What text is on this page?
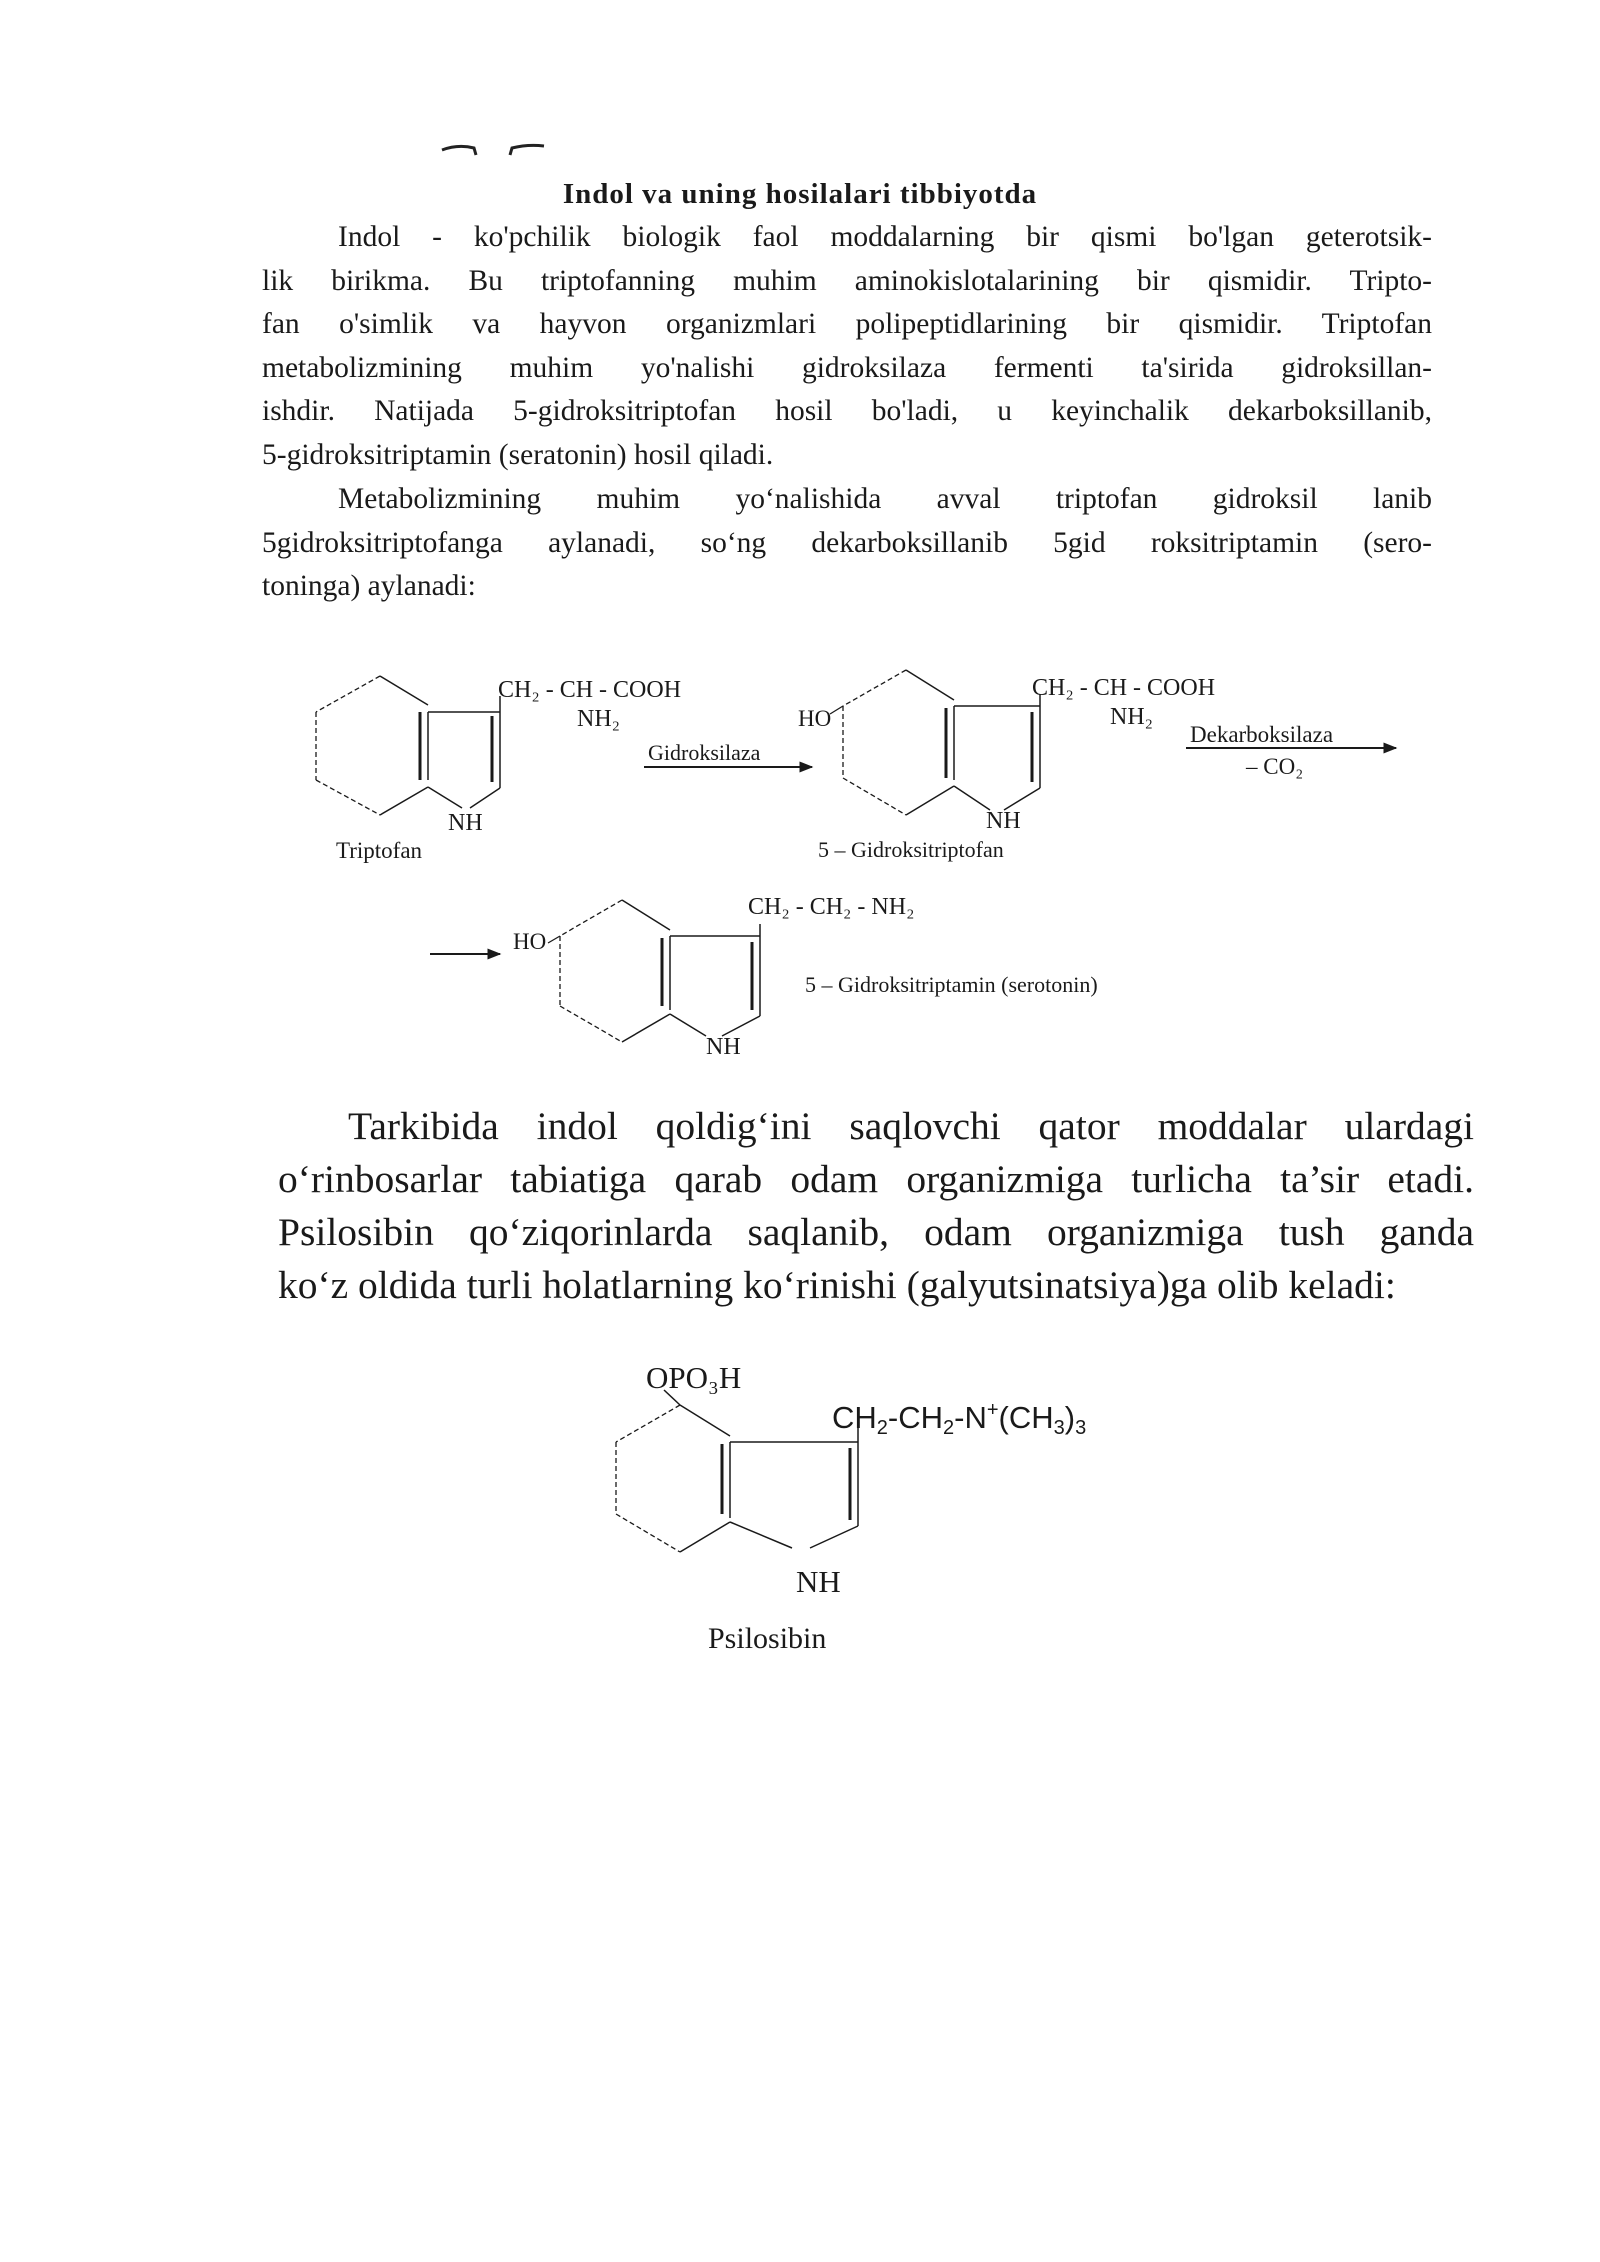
Indol va uning hosilalari tibbiyotda
Indol - ko'pchilik biologik faol moddalarning bir qismi bo'lgan geterotsik-
lik birikma. Bu triptofanning muhim aminokislotalarining bir qismidir. Tripto-
fan o'simlik va hayvon organizmlari polipeptidlarining bir qismidir. Triptofan
metabolizmining muhim yo'nalishi gidroksilaza fermenti ta'sirida gidroksillan-
ishdir. Natijada 5-gidroksitriptofan hosil bo'ladi, u keyinchalik dekarboksillanib,
5-gidroksitriptamin (seratonin) hosil qiladi.
Metabolizmining muhim yo‘nalishida avval triptofan gidroksil lanib
5gidroksitriptofanga aylanadi, so‘ng dekarboksillanib 5gid roksitriptamin (sero-
toninga) aylanadi:
CH₂ - CH - COOH
NH₂
NH
Triptofan
Gidroksilaza
HO
CH₂ - CH - COOH
NH₂
NH
5 – Gidroksitriptofan
Dekarboksilaza
– CO₂
HO
CH₂ - CH₂ - NH₂
NH
5 – Gidroksitriptamin (serotonin)
Tarkibida indol qoldig‘ini saqlovchi qator moddalar ulardagi
o‘rinbosarlar tabiatiga qarab odam organizmiga turlicha ta’sir etadi.
Psilosibin qo‘ziqorinlarda saqlanib, odam organizmiga tush ganda
ko‘z oldida turli holatlarning ko‘rinishi (galyutsinatsiya)ga olib keladi:
OPO₃H
CH2-CH2-N+(CH3)3
NH
Psilosibin
